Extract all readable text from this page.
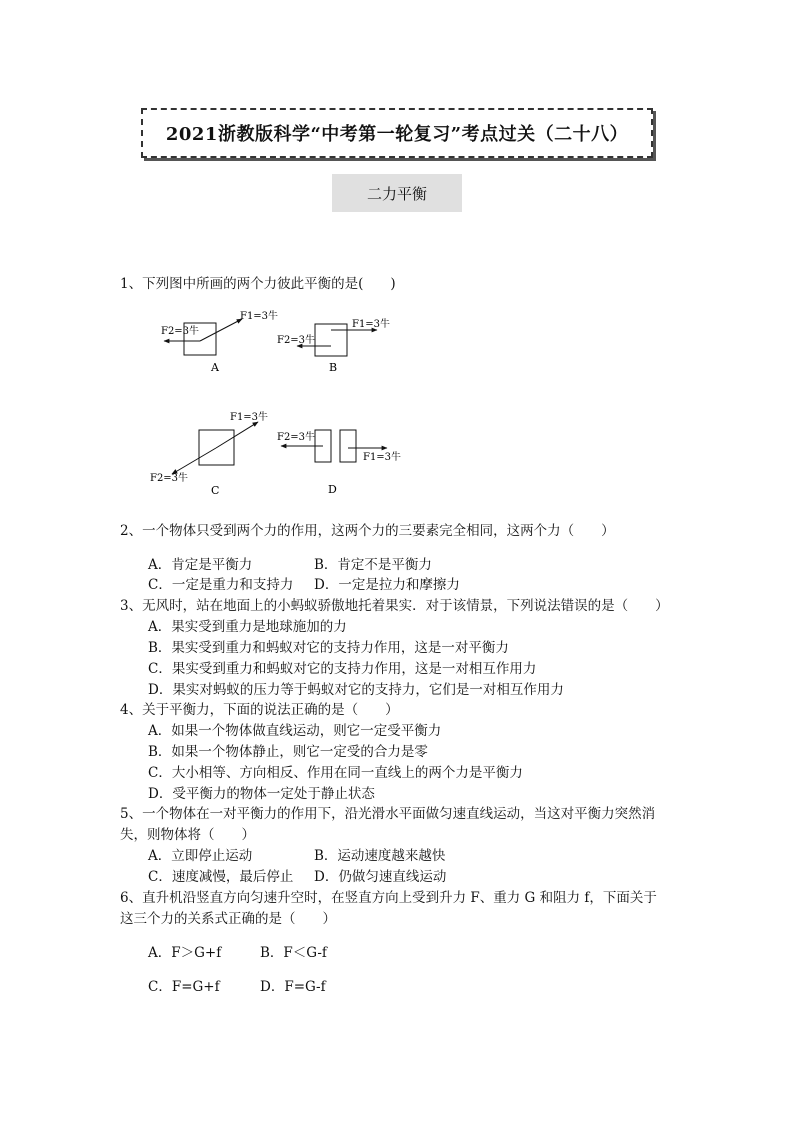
2021浙教版科学“中考第一轮复习”考点过关（二十八）
二力平衡
1、下列图中所画的两个力彼此平衡的是(　　)
F1=3牛
F2=3牛
A
F1=3牛
F2=3牛
B
F1=3牛
F2=3牛
C
F2=3牛
F1=3牛
D
2、一个物体只受到两个力的作用，这两个力的三要素完全相同，这两个力（　　）
A．肯定是平衡力	B．肯定不是平衡力
C．一定是重力和支持力 D．一定是拉力和摩擦力
3、无风时，站在地面上的小蚂蚁骄傲地托着果实．对于该情景，下列说法错误的是（　　）
A．果实受到重力是地球施加的力
B．果实受到重力和蚂蚁对它的支持力作用，这是一对平衡力
C．果实受到重力和蚂蚁对它的支持力作用，这是一对相互作用力
D．果实对蚂蚁的压力等于蚂蚁对它的支持力，它们是一对相互作用力
4、关于平衡力，下面的说法正确的是（　　）
A．如果一个物体做直线运动，则它一定受平衡力
B．如果一个物体静止，则它一定受的合力是零
C．大小相等、方向相反、作用在同一直线上的两个力是平衡力
D．受平衡力的物体一定处于静止状态
5、一个物体在一对平衡力的作用下，沿光滑水平面做匀速直线运动，当这对平衡力突然消
失，则物体将（　　）
A．立即停止运动	B．运动速度越来越快
C．速度减慢，最后停止 D．仍做匀速直线运动
6、直升机沿竖直方向匀速升空时，在竖直方向上受到升力 F、重力 G 和阻力 f，下面关于
这三个力的关系式正确的是（　　）
A．F＞G+f	B．F＜G-f
C．F=G+f	D．F=G-f
